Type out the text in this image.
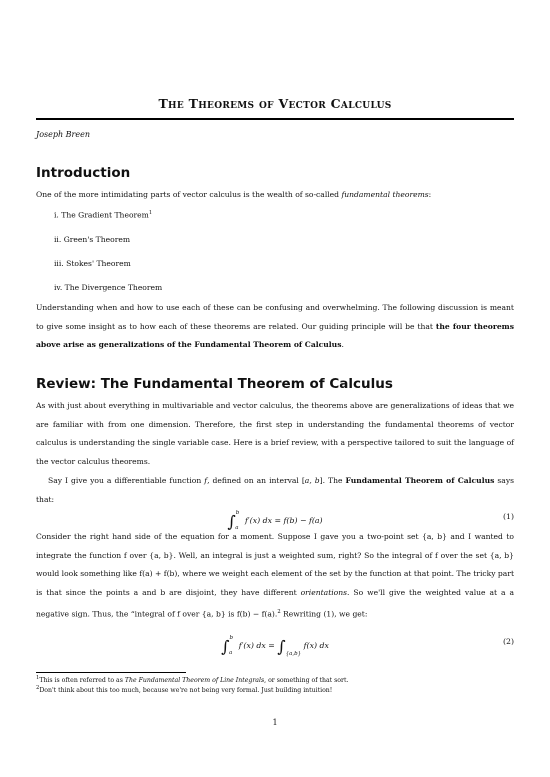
The Theorems of Vector Calculus
Joseph Breen
Introduction

One of the more intimidating parts of vector calculus is the wealth of so-called fundamental theorems:

i. The Gradient Theorem$^1$
ii. Green's Theorem
iii. Stokes' Theorem
iv. The Divergence Theorem

Understanding when and how to use each of these can be confusing and overwhelming. The following discussion is meant to give some insight as to how each of these theorems are related. Our guiding principle will be that the four theorems above arise as generalizations of the Fundamental Theorem of Calculus.

Review: The Fundamental Theorem of Calculus

As with just about everything in multivariable and vector calculus, the theorems above are generalizations of ideas that we are familiar with from one dimension. Therefore, the first step in understanding the fundamental theorems of vector calculus is understanding the single variable case. Here is a brief review, with a perspective tailored to suit the language of the vector calculus theorems.

Say I give you a differentiable function f, defined on an interval [a, b]. The Fundamental Theorem of Calculus says that:

∫$^b_a$ f′(x) dx = f(b) − f(a)	(1)

Consider the right hand side of the equation for a moment. Suppose I gave you a two-point set {a, b} and I wanted to integrate the function f over {a, b}. Well, an integral is just a weighted sum, right? So the integral of f over the set {a, b} would look something like f(a) + f(b), where we weight each element of the set by the function at that point. The tricky part is that since the points a and b are disjoint, they have different orientations. So we'll give the weighted value at a a negative sign. Thus, the “integral of f over {a, b} is f(b) − f(a).$^2$ Rewriting (1), we get:

∫$^b_a$ f′(x) dx = $\int_{\{a,b\}}$ f(x) dx	(2)
$^1$This is often referred to as The Fundamental Theorem of Line Integrals, or something of that sort.
$^2$Don't think about this too much, because we're not being very formal. Just building intuition!
1
